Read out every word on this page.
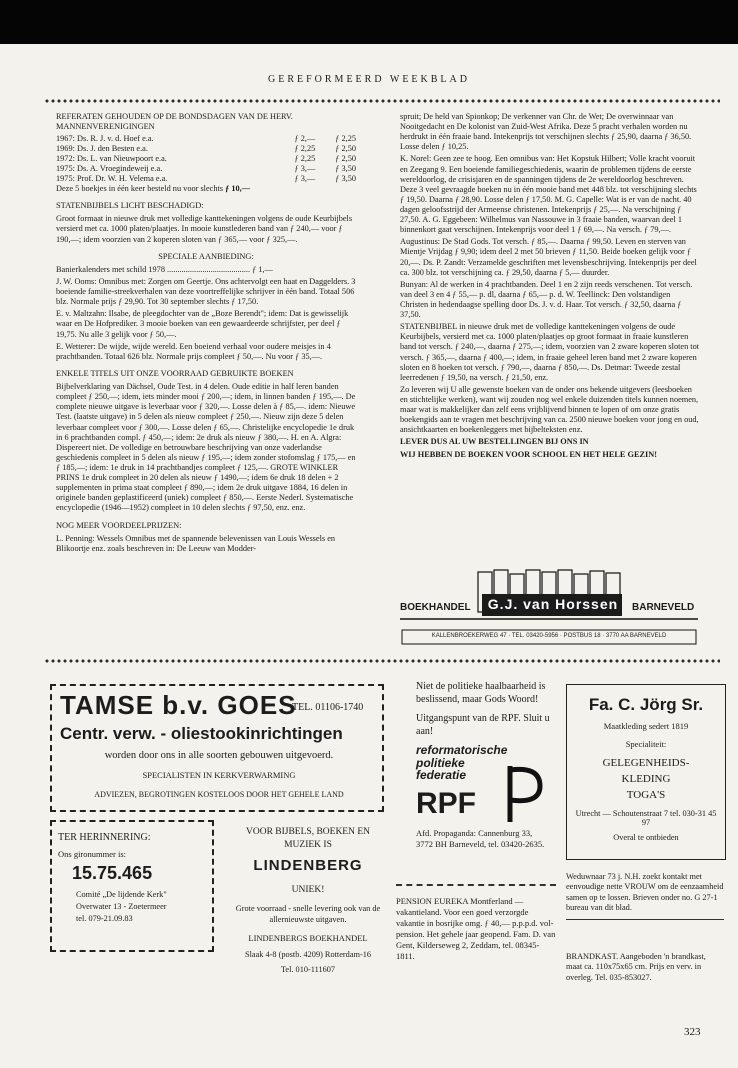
GEREFORMEERD WEEKBLAD

REFERATEN GEHOUDEN OP DE BONDSDAGEN VAN DE HERV. MANNENVERENIGINGEN

1967: Ds. R. J. v. d. Hoef e.a.	ƒ 2,—	ƒ 2,25
1969: Ds. J. den Besten e.a.	ƒ 2,25	ƒ 2,50
1972: Ds. L. van Nieuwpoort e.a.	ƒ 2,25	ƒ 2,50
1975: Ds. A. Vroegindeweij e.a.	ƒ 3,—	ƒ 3,50
1975: Prof. Dr. W. H. Velema e.a.	ƒ 3,—	ƒ 3,50

Deze 5 boekjes in één keer besteld nu voor slechts ƒ 10,—

STATENBIJBELS LICHT BESCHADIGD:

Groot formaat in nieuwe druk met volledige kanttekeningen volgens de oude Keurbijbels versierd met ca. 1000 platen/plaatjes. In mooie kunstlederen band van ƒ 240,— voor ƒ 190,—; idem voorzien van 2 koperen sloten van ƒ 365,— voor ƒ 325,—.

SPECIALE AANBIEDING:

Banierkalenders met schild 1978 ........................................ ƒ 1,—

J. W. Ooms: Omnibus met: Zorgen om Geertje. Ons achtervolgt een haat en Daggelders. 3 boeiende familie-streekverhalen van deze voortreffelijke schrijver in één band. Totaal 506 blz. Normale prijs ƒ 29,90. Tot 30 september slechts ƒ 17,50.

E. v. Maltzahn: Ilsabe, de pleegdochter van de „Boze Berendt"; idem: Dat is gewisselijk waar en De Hofprediker. 3 mooie boeken van een gewaardeerde schrijfster, per deel ƒ 19,75. Nu alle 3 gelijk voor ƒ 50,—.

E. Wetterer: De wijde, wijde wereld. Een boeiend verhaal voor oudere meisjes in 4 prachtbanden. Totaal 626 blz. Normale prijs compleet ƒ 50,—. Nu voor ƒ 35,—.

ENKELE TITELS UIT ONZE VOORRAAD GEBRUIKTE BOEKEN

Bijbelverklaring van Dächsel, Oude Test. in 4 delen. Oude editie in half leren banden compleet ƒ 250,—; idem, iets minder mooi ƒ 200,—; idem, in linnen banden ƒ 195,—. De complete nieuwe uitgave is leverbaar voor ƒ 320,—. Losse delen à ƒ 85,—. idem: Nieuwe Test. (laatste uitgave) in 5 delen als nieuw compleet ƒ 250,—. Nieuw zijn deze 5 delen leverbaar compleet voor ƒ 300,—. Losse delen ƒ 65,—. Christelijke encyclopedie 1e druk in 6 prachtbanden compl. ƒ 450,—; idem: 2e druk als nieuw ƒ 380,—. H. en A. Algra: Dispereert niet. De volledige en betrouwbare beschrijving van onze vaderlandse geschiedenis compleet in 5 delen als nieuw ƒ 195,—; idem zonder stofomslag ƒ 175,— en ƒ 185,—; idem: 1e druk in 14 prachtbandjes compleet ƒ 125,—. GROTE WINKLER PRINS 1e druk compleet in 20 delen als nieuw ƒ 1490,—; idem 6e druk 18 delen + 2 supplementen in prima staat compleet ƒ 890,—; idem 2e druk uitgave 1884, 16 delen in originele banden geplastificeerd (uniek) compleet ƒ 850,—. Eerste Nederl. Systematische encyclopedie (1946—1952) compleet in 10 delen slechts ƒ 97,50, enz. enz.

NOG MEER VOORDEELPRIJZEN:

L. Penning: Wessels Omnibus met de spannende belevenissen van Louis Wessels en Blikoortje enz. zoals beschreven in: De Leeuw van Modder-

spruit; De held van Spionkop; De verkenner van Chr. de Wet; De overwinnaar van Nooitgedacht en De kolonist van Zuid-West Afrika. Deze 5 pracht verhalen worden nu herdrukt in één fraaie band. Intekenprijs tot verschijnen slechts ƒ 25,90, daarna ƒ 36,50. Losse delen ƒ 10,25.

K. Norel: Geen zee te hoog. Een omnibus van: Het Kopstuk Hilbert; Volle kracht vooruit en Zeegang 9. Een boeiende familiegeschiedenis, waarin de problemen tijdens de eerste wereldoorlog, de crisisjaren en de spanningen tijdens de 2e wereldoorlog beschreven. Deze 3 veel gevraagde boeken nu in één mooie band met 448 blz. tot verschijning slechts ƒ 19,50. Daarna ƒ 28,90. Losse delen ƒ 17,50. M. G. Capelle: Wat is er van de nacht. 40 dagen geloofsstrijd der Armeense christenen. Intekenprijs ƒ 25,—. Na verschijning ƒ 27,50. A. G. Eggebeen: Wilhelmus van Nassouwe in 3 fraaie banden, waarvan deel 1 binnenkort gaat verschijnen. Intekenprijs voor deel 1 ƒ 69,—. Na versch. ƒ 79,—.

Augustinus: De Stad Gods. Tot versch. ƒ 85,—. Daarna ƒ 99,50. Leven en sterven van Mientje Vrijdag ƒ 9,90; idem deel 2 met 50 brieven ƒ 11,50. Beide boeken gelijk voor ƒ 20,—. Ds. P. Zandt: Verzamelde geschriften met levensbeschrijving. Intekenprijs per deel ca. 300 blz. tot verschijning ca. ƒ 29,50, daarna ƒ 5,— duurder.

Bunyan: Al de werken in 4 prachtbanden. Deel 1 en 2 zijn reeds verschenen. Tot versch. van deel 3 en 4 ƒ 55,— p. dl, daarna ƒ 65,— p. d. W. Teellinck: Den volstandigen Christen in hedendaagse spelling door Ds. J. v. d. Haar. Tot versch. ƒ 32,50, daarna ƒ 37,50.

STATENBIJBEL in nieuwe druk met de volledige kanttekeningen volgens de oude Keurbijbels, versierd met ca. 1000 platen/plaatjes op groot formaat in fraaie kunstleren band tot versch. ƒ 240,—, daarna ƒ 275,—; idem, voorzien van 2 zware koperen sloten tot versch. ƒ 365,—, daarna ƒ 400,—; idem, in fraaie geheel leren band met 2 zware koperen sloten en 8 hoeken tot versch. ƒ 790,—, daarna ƒ 850,—. Ds. Detmar: Tweede zestal leerredenen ƒ 19,50, na versch. ƒ 21,50, enz.

Zo leveren wij U alle gewenste boeken van de onder ons bekende uitgevers (leesboeken en stichtelijke werken), want wij zouden nog wel enkele duizenden titels kunnen noemen, maar wat is makkelijker dan zelf eens vrijblijvend binnen te lopen of om onze gratis boekengids aan te vragen met beschrijving van ca. 2500 nieuwe boeken voor jong en oud, ansichtkaarten en boekenleggers met bijbelteksten enz.

LEVER DUS AL UW BESTELLINGEN BIJ ONS IN

WIJ HEBBEN DE BOEKEN VOOR SCHOOL EN HET HELE GEZIN!

BOEKHANDEL G.J. van Horssen	BARNEVELD
KALLENBROEKERWEG 47 · TEL. 03420-5956 · POSTBUS 18 · 3770 AA BARNEVELD
TAMSE b.v. GOES
TEL. 01106-1740
Centr. verw. - oliestookinrichtingen
worden door ons in alle soorten gebouwen uitgevoerd.
SPECIALISTEN IN KERKVERWARMING
ADVIEZEN, BEGROTINGEN KOSTELOOS DOOR HET GEHELE LAND

Niet de politieke haalbaarheid is beslissend, maar Gods Woord!

Uitgangspunt van de RPF. Sluit u aan!

reformatorische
politieke
federatie
RPF

Afd. Propaganda: Cannenburg 33, 3772 BH Barneveld, tel. 03420-2635.

Fa. C. Jörg Sr.
Maatkleding sedert 1819
Specialiteit:
GELEGENHEIDS-
KLEDING
TOGA'S
Utrecht — Schoutenstraat 7 tel. 030-31 45 97
Overal te ontbieden
TER HERINNERING:
Ons gironummer is:
15.75.465
Comité „De lijdende Kerk"
Overwater 13 - Zoetermeer
tel. 079-21.09.83
VOOR BIJBELS, BOEKEN EN MUZIEK IS
LINDENBERG
UNIEK!
Grote voorraad - snelle levering ook van de allernieuwste uitgaven.
LINDENBERGS BOEKHANDEL
Slaak 4-8 (postb. 4209) Rotterdam-16
Tel. 010-111607

PENSION EUREKA Montferland — vakantieland. Voor een goed verzorgde vakantie in bosrijke omg. ƒ 40,— p.p.p.d. vol-pension. Het gehele jaar geopend. Fam. D. van Gent, Kilderseweg 2, Zeddam, tel. 08345-1811.

Weduwnaar 73 j. N.H. zoekt kontakt met eenvoudige nette VROUW om de eenzaamheid samen op te lossen. Brieven onder no. G 27-1 bureau van dit blad.

BRANDKAST. Aangeboden 'n brandkast, maat ca. 110x75x65 cm. Prijs en verv. in overleg. Tel. 035-853027.

323
